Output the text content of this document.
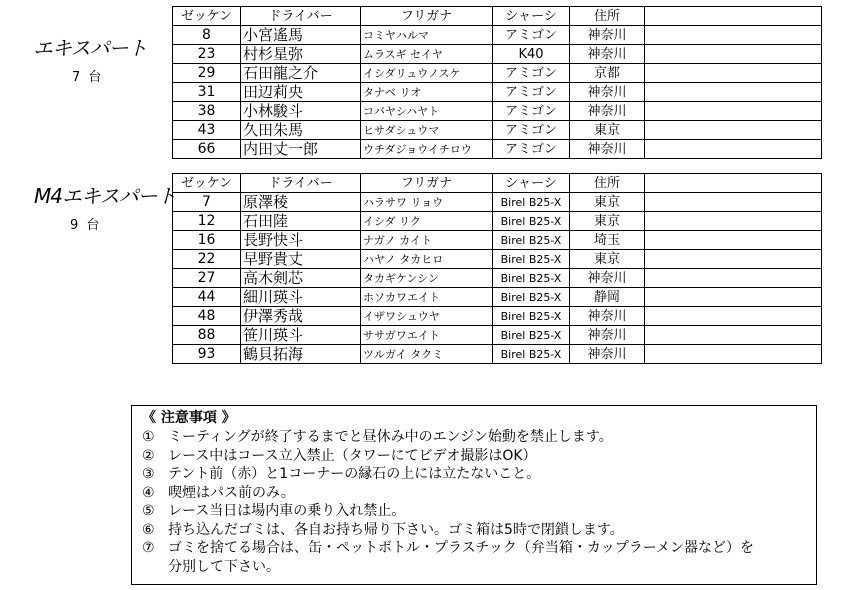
エキスパート
7 台
ゼッケン	ドライバー	フリガナ	シャーシ	住所	
8	小宮遙馬	コミヤハルマ	アミゴン	神奈川	
23	村杉星弥	ムラスギ セイヤ	K40	神奈川	
29	石田龍之介	イシダリュウノスケ	アミゴン	京都	
31	田辺莉央	タナベ リオ	アミゴン	神奈川	
38	小林駿斗	コバヤシハヤト	アミゴン	神奈川	
43	久田朱馬	ヒサダシュウマ	アミゴン	東京	
66	内田丈一郎	ウチダジョウイチロウ	アミゴン	神奈川	
M4エキスパート
9 台
ゼッケン	ドライバー	フリガナ	シャーシ	住所	
7	原澤稜	ハラサワ リョウ	Birel B25-X	東京	
12	石田陸	イシダ リク	Birel B25-X	東京	
16	長野快斗	ナガノ カイト	Birel B25-X	埼玉	
22	早野貴丈	ハヤノ タカヒロ	Birel B25-X	東京	
27	高木剣芯	タカギケンシン	Birel B25-X	神奈川	
44	細川瑛斗	ホソカワエイト	Birel B25-X	静岡	
48	伊澤秀哉	イザワシュウヤ	Birel B25-X	神奈川	
88	笹川瑛斗	ササガワエイト	Birel B25-X	神奈川	
93	鶴貝拓海	ツルガイ タクミ	Birel B25-X	神奈川	
《 注意事項 》
① ミーティングが終了するまでと昼休み中のエンジン始動を禁止します。
② レース中はコース立入禁止（タワーにてビデオ撮影はOK）
③ テント前（赤）と1コーナーの縁石の上には立たないこと。
④ 喫煙はパス前のみ。
⑤ レース当日は場内車の乗り入れ禁止。
⑥ 持ち込んだゴミは、各自お持ち帰り下さい。ゴミ箱は5時で閉鎖します。
⑦ ゴミを捨てる場合は、缶・ペットボトル・プラスチック（弁当箱・カップラーメン器など）を
分別して下さい。
